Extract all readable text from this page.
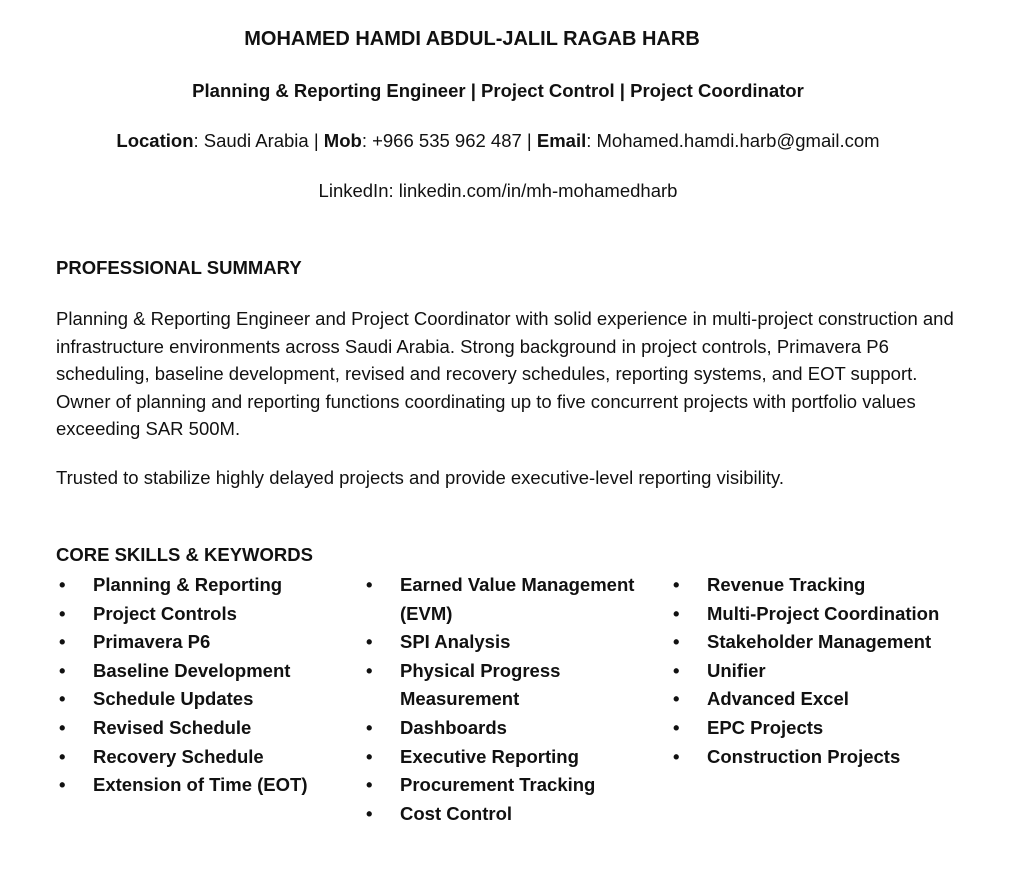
MOHAMED HAMDI ABDUL-JALIL RAGAB HARB
Planning & Reporting Engineer | Project Control | Project Coordinator
Location: Saudi Arabia | Mob: +966 535 962 487 | Email: Mohamed.hamdi.harb@gmail.com
LinkedIn: linkedin.com/in/mh-mohamedharb
PROFESSIONAL SUMMARY
Planning & Reporting Engineer and Project Coordinator with solid experience in multi-project construction and infrastructure environments across Saudi Arabia. Strong background in project controls, Primavera P6 scheduling, baseline development, revised and recovery schedules, reporting systems, and EOT support. Owner of planning and reporting functions coordinating up to five concurrent projects with portfolio values exceeding SAR 500M.
Trusted to stabilize highly delayed projects and provide executive-level reporting visibility.
CORE SKILLS & KEYWORDS
• Planning & Reporting
• Project Controls
• Primavera P6
• Baseline Development
• Schedule Updates
• Revised Schedule
• Recovery Schedule
• Extension of Time (EOT)
• Earned Value Management (EVM)
• SPI Analysis
• Physical Progress Measurement
• Dashboards
• Executive Reporting
• Procurement Tracking
• Cost Control
• Revenue Tracking
• Multi-Project Coordination
• Stakeholder Management
• Unifier
• Advanced Excel
• EPC Projects
• Construction Projects
